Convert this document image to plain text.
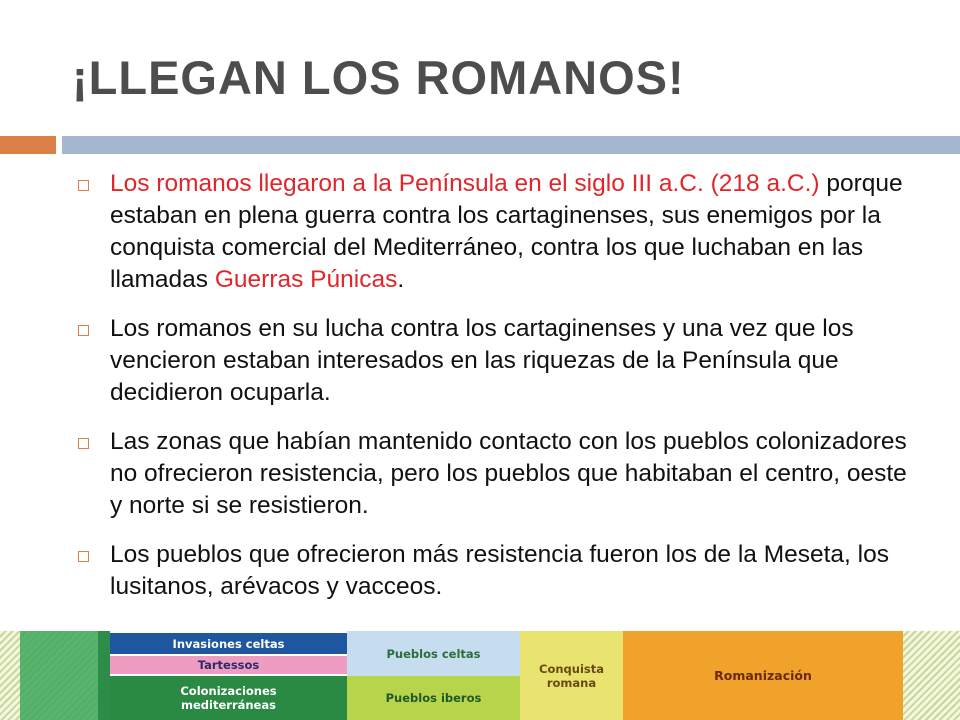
¡LLEGAN LOS ROMANOS!
Los romanos llegaron a la Península en el siglo III a.C. (218 a.C.) porque estaban en plena guerra contra los cartaginenses, sus enemigos por la conquista comercial del Mediterráneo, contra los que luchaban en las llamadas Guerras Púnicas.
Los romanos en su lucha contra los cartaginenses y una vez que los vencieron estaban interesados en las riquezas de la Península que decidieron ocuparla.
Las zonas que habían mantenido contacto con los pueblos colonizadores no ofrecieron resistencia, pero los pueblos que habitaban el centro, oeste y norte si se resistieron.
Los pueblos que ofrecieron más resistencia fueron los de la Meseta, los lusitanos, arévacos y vacceos.
Invasiones celtas
Tartessos
Colonizaciones
mediterráneas
Pueblos celtas
Pueblos iberos
Conquista
romana	Romanización
